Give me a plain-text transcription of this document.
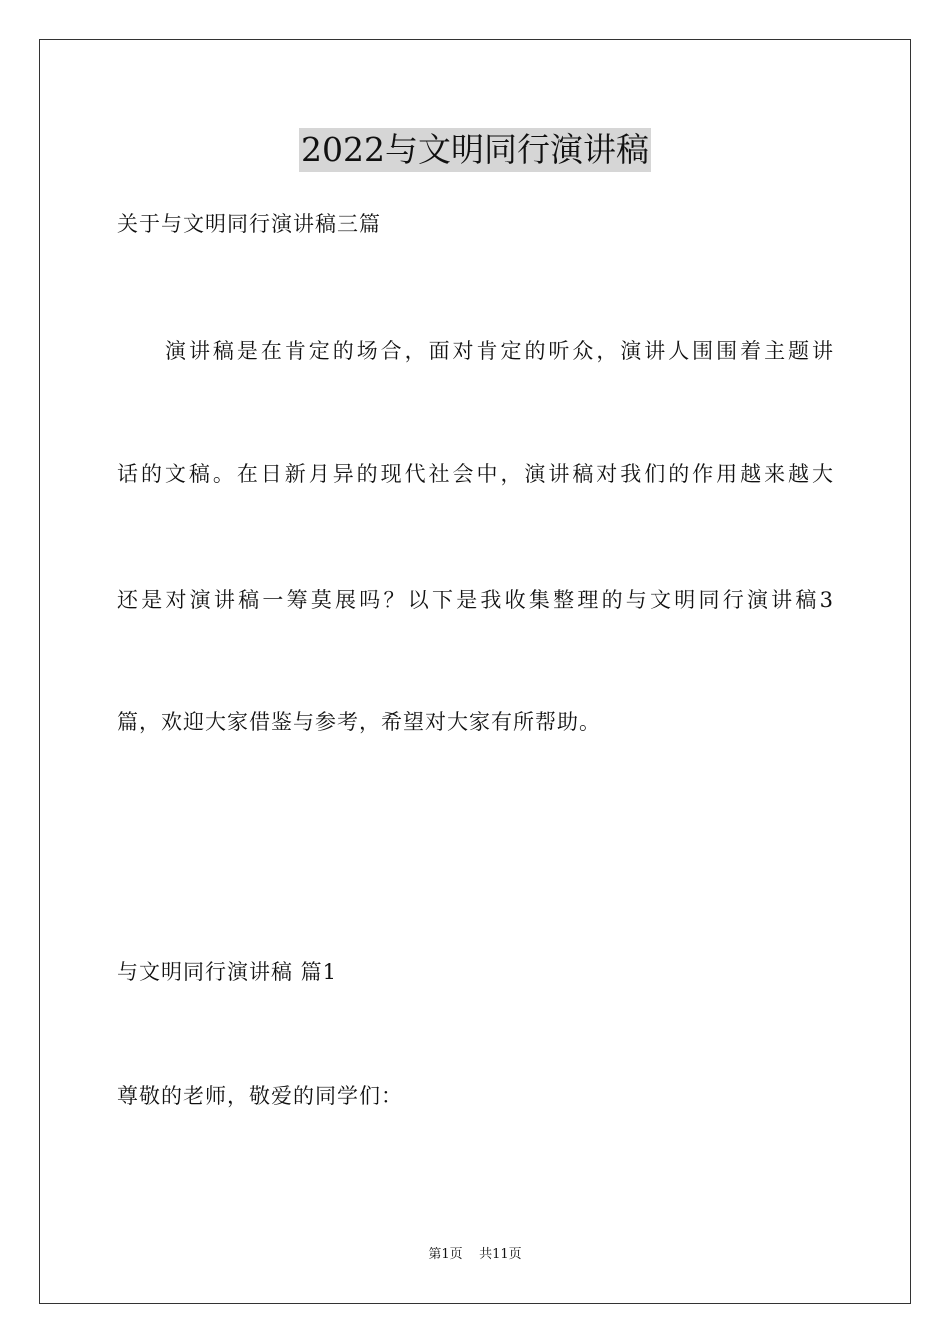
2022与文明同行演讲稿

关于与文明同行演讲稿三篇

演讲稿是在肯定的场合，面对肯定的听众，演讲人围围着主题讲

话的文稿。在日新月异的现代社会中，演讲稿对我们的作用越来越大

还是对演讲稿一筹莫展吗？以下是我收集整理的与文明同行演讲稿3

篇，欢迎大家借鉴与参考，希望对大家有所帮助。

与文明同行演讲稿 篇1

尊敬的老师，敬爱的同学们：

第1页    共11页
